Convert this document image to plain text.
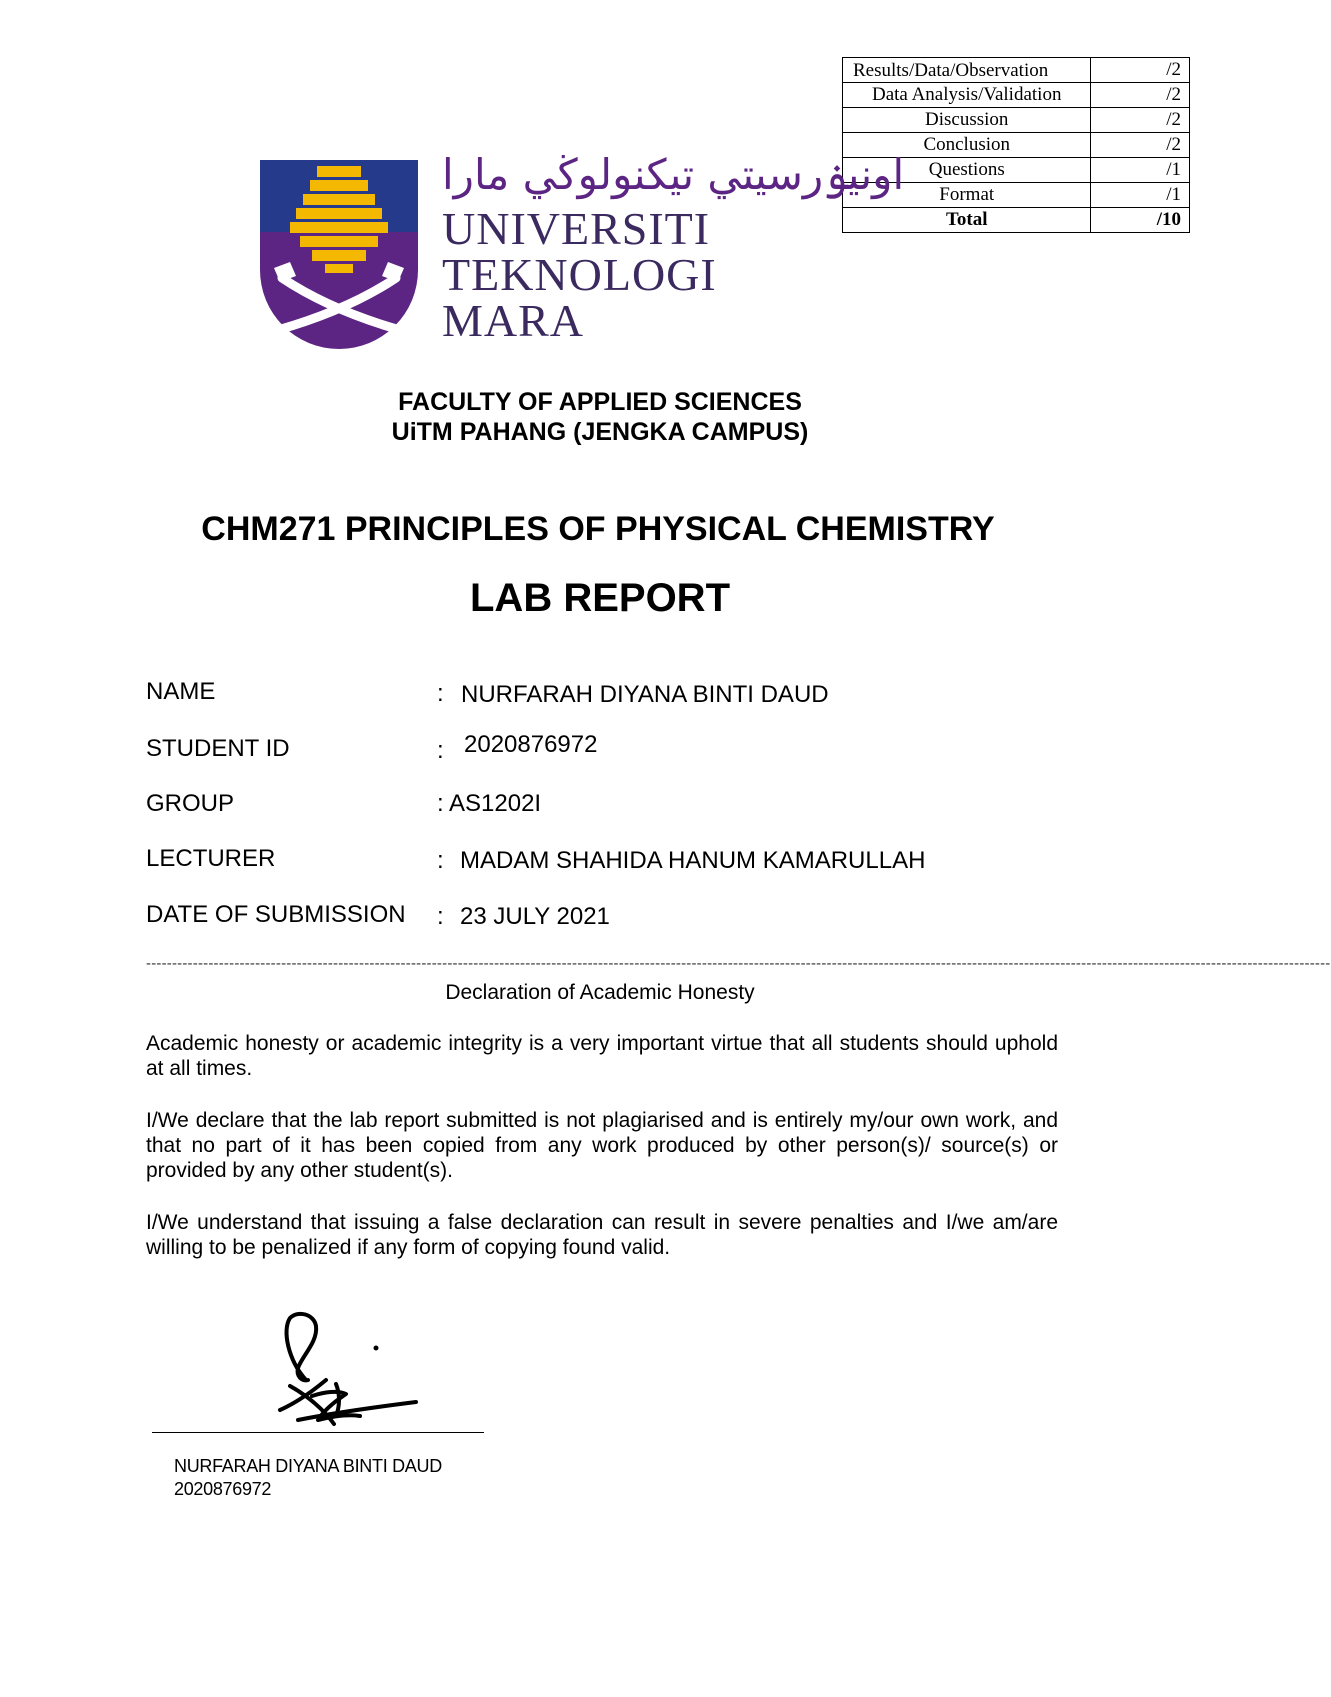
Results/Data/Observation	/2
Data Analysis/Validation	/2
Discussion	/2
Conclusion	/2
Questions	/1
Format	/1
Total	/10
اونيۏرسيتي تيكنولوڬي مارا
UNIVERSITI
TEKNOLOGI
MARA
FACULTY OF APPLIED SCIENCES
UiTM PAHANG (JENGKA CAMPUS)
CHM271 PRINCIPLES OF PHYSICAL CHEMISTRY
LAB REPORT
NAME	: NURFARAH DIYANA BINTI DAUD
STUDENT ID	: 2020876972
GROUP	: AS1202I
LECTURER	: MADAM SHAHIDA HANUM KAMARULLAH
DATE OF SUBMISSION : 23 JULY 2021
------------------------------------------------------------------------------------------------------------------------------------------------------------------------------------------------------------------------------------
Declaration of Academic Honesty
Academic honesty or academic integrity is a very important virtue that all students should uphold at all times.
I/We declare that the lab report submitted is not plagiarised and is entirely my/our own work, and that no part of it has been copied from any work produced by other person(s)/ source(s) or provided by any other student(s).
I/We understand that issuing a false declaration can result in severe penalties and I/we am/are willing to be penalized if any form of copying found valid.
NURFARAH DIYANA BINTI DAUD
2020876972
